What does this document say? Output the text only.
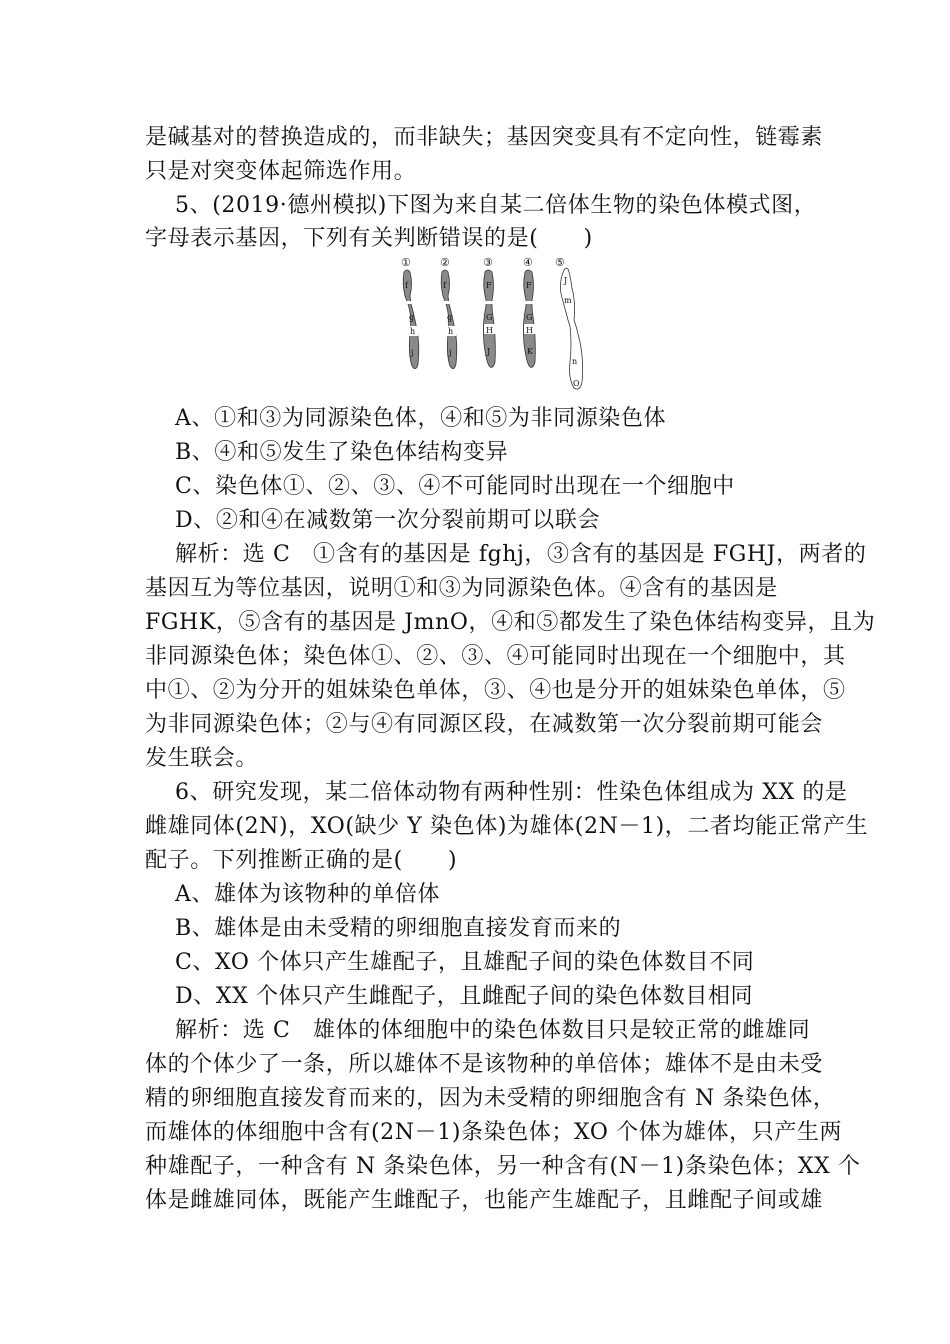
是碱基对的替换造成的，而非缺失；基因突变具有不定向性，链霉素
只是对突变体起筛选作用。
5、(2019·德州模拟)下图为来自某二倍体生物的染色体模式图，
字母表示基因，下列有关判断错误的是(　　)
①	②	③	④ ⑤
f
g
h
j
f
g
h
j
F
G
H
J
F
G
H
K
J
m
n
O
A、①和③为同源染色体，④和⑤为非同源染色体
B、④和⑤发生了染色体结构变异
C、染色体①、②、③、④不可能同时出现在一个细胞中
D、②和④在减数第一次分裂前期可以联会
解析：选 C　①含有的基因是 fghj，③含有的基因是 FGHJ，两者的
基因互为等位基因，说明①和③为同源染色体。④含有的基因是
FGHK，⑤含有的基因是 JmnO，④和⑤都发生了染色体结构变异，且为
非同源染色体；染色体①、②、③、④可能同时出现在一个细胞中，其
中①、②为分开的姐妹染色单体，③、④也是分开的姐妹染色单体，⑤
为非同源染色体；②与④有同源区段，在减数第一次分裂前期可能会
发生联会。
6、研究发现，某二倍体动物有两种性别：性染色体组成为 XX 的是
雌雄同体(2N)，XO(缺少 Y 染色体)为雄体(2N－1)，二者均能正常产生
配子。下列推断正确的是(　　)
A、雄体为该物种的单倍体
B、雄体是由未受精的卵细胞直接发育而来的
C、XO 个体只产生雄配子，且雄配子间的染色体数目不同
D、XX 个体只产生雌配子，且雌配子间的染色体数目相同
解析：选 C　雄体的体细胞中的染色体数目只是较正常的雌雄同
体的个体少了一条，所以雄体不是该物种的单倍体；雄体不是由未受
精的卵细胞直接发育而来的，因为未受精的卵细胞含有 N 条染色体，
而雄体的体细胞中含有(2N－1)条染色体；XO 个体为雄体，只产生两
种雄配子，一种含有 N 条染色体，另一种含有(N－1)条染色体；XX 个
体是雌雄同体，既能产生雌配子，也能产生雄配子，且雌配子间或雄
